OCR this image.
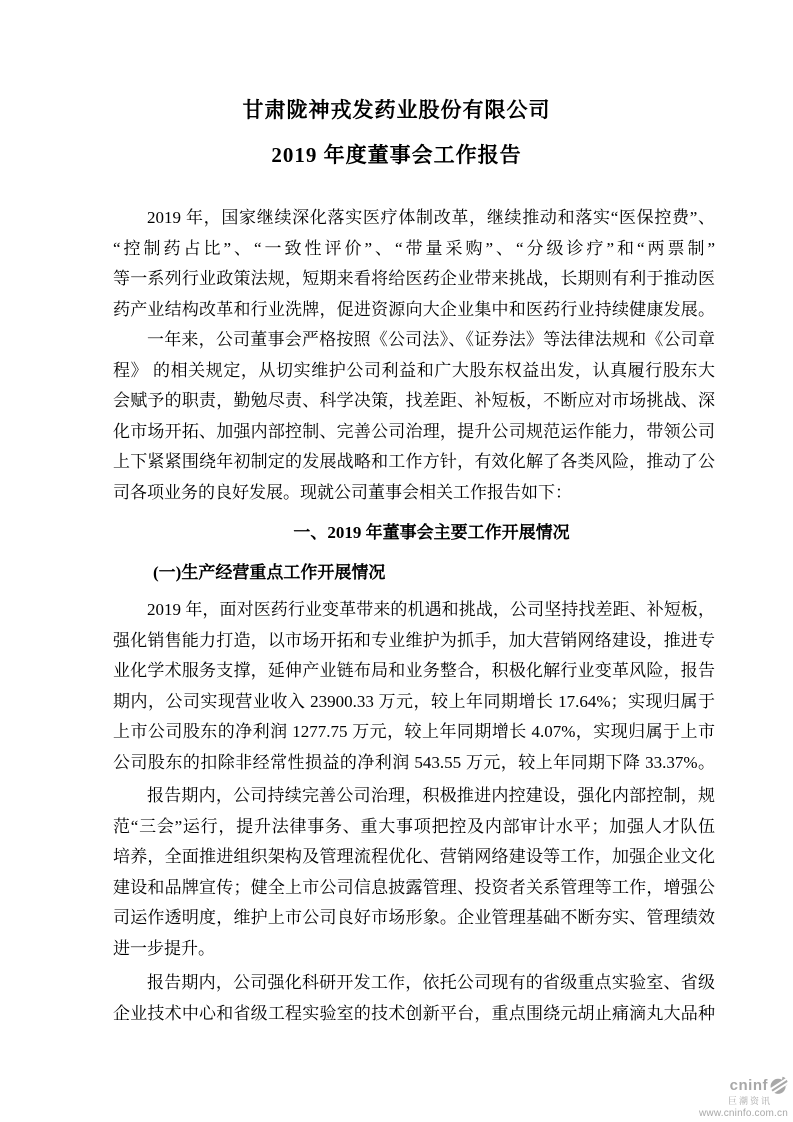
甘肃陇神戎发药业股份有限公司
2019 年度董事会工作报告
2019 年，国家继续深化落实医疗体制改革，继续推动和落实“医保控费”、
“控制药占比”、“一致性评价”、“带量采购”、“分级诊疗”和“两票制”
等一系列行业政策法规，短期来看将给医药企业带来挑战，长期则有利于推动医
药产业结构改革和行业洗牌，促进资源向大企业集中和医药行业持续健康发展。
一年来，公司董事会严格按照《公司法》、《证券法》等法律法规和《公司章
程》 的相关规定，从切实维护公司利益和广大股东权益出发，认真履行股东大
会赋予的职责，勤勉尽责、科学决策，找差距、补短板，不断应对市场挑战、深
化市场开拓、加强内部控制、完善公司治理，提升公司规范运作能力，带领公司
上下紧紧围绕年初制定的发展战略和工作方针，有效化解了各类风险，推动了公
司各项业务的良好发展。现就公司董事会相关工作报告如下：
一、2019 年董事会主要工作开展情况
(一)生产经营重点工作开展情况
2019 年，面对医药行业变革带来的机遇和挑战，公司坚持找差距、补短板，
强化销售能力打造，以市场开拓和专业维护为抓手，加大营销网络建设，推进专
业化学术服务支撑，延伸产业链布局和业务整合，积极化解行业变革风险，报告
期内，公司实现营业收入 23900.33 万元，较上年同期增长 17.64%；实现归属于
上市公司股东的净利润 1277.75 万元，较上年同期增长 4.07%，实现归属于上市
公司股东的扣除非经常性损益的净利润 543.55 万元，较上年同期下降 33.37%。
报告期内，公司持续完善公司治理，积极推进内控建设，强化内部控制，规
范“三会”运行，提升法律事务、重大事项把控及内部审计水平；加强人才队伍
培养，全面推进组织架构及管理流程优化、营销网络建设等工作，加强企业文化
建设和品牌宣传；健全上市公司信息披露管理、投资者关系管理等工作，增强公
司运作透明度，维护上市公司良好市场形象。企业管理基础不断夯实、管理绩效
进一步提升。
报告期内，公司强化科研开发工作，依托公司现有的省级重点实验室、省级
企业技术中心和省级工程实验室的技术创新平台，重点围绕元胡止痛滴丸大品种
cninf
巨潮资讯
www.cninfo.com.cn
